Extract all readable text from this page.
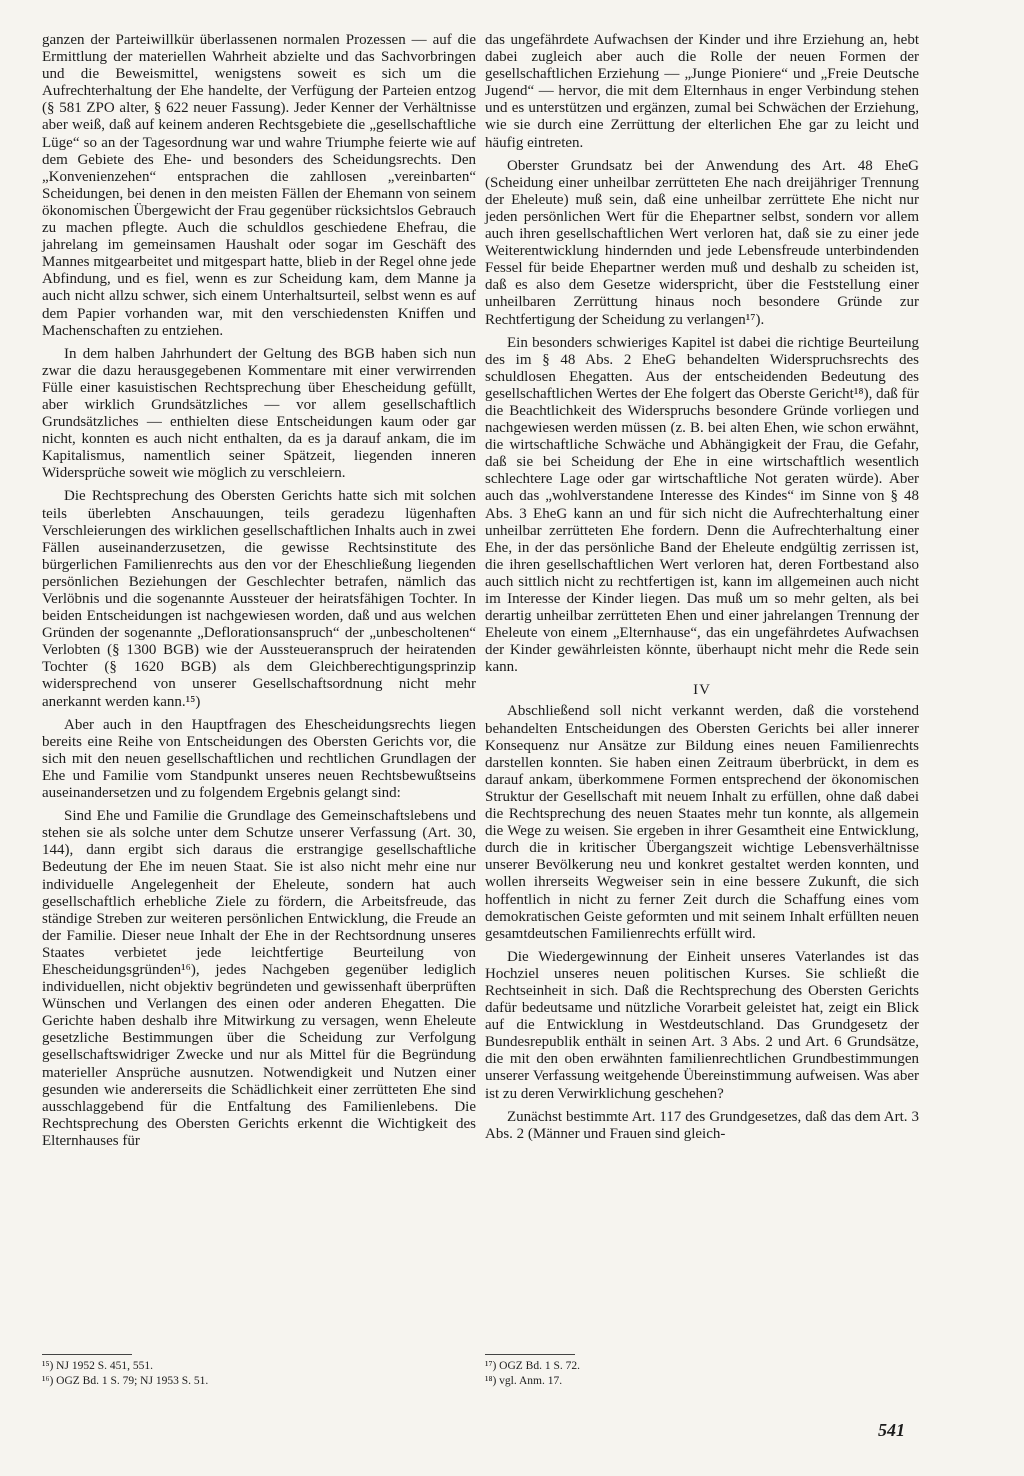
ganzen der Parteiwillkür überlassenen normalen Prozessen — auf die Ermittlung der materiellen Wahrheit abzielte und das Sachvorbringen und die Beweismittel, wenigstens soweit es sich um die Aufrechterhaltung der Ehe handelte, der Verfügung der Parteien entzog (§ 581 ZPO alter, § 622 neuer Fassung). Jeder Kenner der Verhältnisse aber weiß, daß auf keinem anderen Rechtsgebiete die „gesellschaftliche Lüge“ so an der Tagesordnung war und wahre Triumphe feierte wie auf dem Gebiete des Ehe- und besonders des Scheidungsrechts. Den „Konvenienzehen“ entsprachen die zahllosen „vereinbarten“ Scheidungen, bei denen in den meisten Fällen der Ehemann von seinem ökonomischen Übergewicht der Frau gegenüber rücksichtslos Gebrauch zu machen pflegte. Auch die schuldlos geschiedene Ehefrau, die jahrelang im gemeinsamen Haushalt oder sogar im Geschäft des Mannes mitgearbeitet und mitgespart hatte, blieb in der Regel ohne jede Abfindung, und es fiel, wenn es zur Scheidung kam, dem Manne ja auch nicht allzu schwer, sich einem Unterhaltsurteil, selbst wenn es auf dem Papier vorhanden war, mit den verschiedensten Kniffen und Machenschaften zu entziehen.

In dem halben Jahrhundert der Geltung des BGB haben sich nun zwar die dazu herausgegebenen Kommentare mit einer verwirrenden Fülle einer kasuistischen Rechtsprechung über Ehescheidung gefüllt, aber wirklich Grundsätzliches — vor allem gesellschaftlich Grundsätzliches — enthielten diese Entscheidungen kaum oder gar nicht, konnten es auch nicht enthalten, da es ja darauf ankam, die im Kapitalismus, namentlich seiner Spätzeit, liegenden inneren Widersprüche soweit wie möglich zu verschleiern.

Die Rechtsprechung des Obersten Gerichts hatte sich mit solchen teils überlebten Anschauungen, teils geradezu lügenhaften Verschleierungen des wirklichen gesellschaftlichen Inhalts auch in zwei Fällen auseinanderzusetzen, die gewisse Rechtsinstitute des bürgerlichen Familienrechts aus den vor der Eheschließung liegenden persönlichen Beziehungen der Geschlechter betrafen, nämlich das Verlöbnis und die sogenannte Aussteuer der heiratsfähigen Tochter. In beiden Entscheidungen ist nachgewiesen worden, daß und aus welchen Gründen der sogenannte „Deflorationsanspruch“ der „unbescholtenen“ Verlobten (§ 1300 BGB) wie der Aussteueranspruch der heiratenden Tochter (§ 1620 BGB) als dem Gleichberechtigungsprinzip widersprechend von unserer Gesellschaftsordnung nicht mehr anerkannt werden kann.¹⁵)

Aber auch in den Hauptfragen des Ehescheidungsrechts liegen bereits eine Reihe von Entscheidungen des Obersten Gerichts vor, die sich mit den neuen gesellschaftlichen und rechtlichen Grundlagen der Ehe und Familie vom Standpunkt unseres neuen Rechtsbewußtseins auseinandersetzen und zu folgendem Ergebnis gelangt sind:

Sind Ehe und Familie die Grundlage des Gemeinschaftslebens und stehen sie als solche unter dem Schutze unserer Verfassung (Art. 30, 144), dann ergibt sich daraus die erstrangige gesellschaftliche Bedeutung der Ehe im neuen Staat. Sie ist also nicht mehr eine nur individuelle Angelegenheit der Eheleute, sondern hat auch gesellschaftlich erhebliche Ziele zu fördern, die Arbeitsfreude, das ständige Streben zur weiteren persönlichen Entwicklung, die Freude an der Familie. Dieser neue Inhalt der Ehe in der Rechtsordnung unseres Staates verbietet jede leichtfertige Beurteilung von Ehescheidungsgründen¹⁶), jedes Nachgeben gegenüber lediglich individuellen, nicht objektiv begründeten und gewissenhaft überprüften Wünschen und Verlangen des einen oder anderen Ehegatten. Die Gerichte haben deshalb ihre Mitwirkung zu versagen, wenn Eheleute gesetzliche Bestimmungen über die Scheidung zur Verfolgung gesellschaftswidriger Zwecke und nur als Mittel für die Begründung materieller Ansprüche ausnutzen. Notwendigkeit und Nutzen einer gesunden wie andererseits die Schädlichkeit einer zerrütteten Ehe sind ausschlaggebend für die Entfaltung des Familienlebens. Die Rechtsprechung des Obersten Gerichts erkennt die Wichtigkeit des Elternhauses für

das ungefährdete Aufwachsen der Kinder und ihre Erziehung an, hebt dabei zugleich aber auch die Rolle der neuen Formen der gesellschaftlichen Erziehung — „Junge Pioniere“ und „Freie Deutsche Jugend“ — hervor, die mit dem Elternhaus in enger Verbindung stehen und es unterstützen und ergänzen, zumal bei Schwächen der Erziehung, wie sie durch eine Zerrüttung der elterlichen Ehe gar zu leicht und häufig eintreten.

Oberster Grundsatz bei der Anwendung des Art. 48 EheG (Scheidung einer unheilbar zerrütteten Ehe nach dreijähriger Trennung der Eheleute) muß sein, daß eine unheilbar zerrüttete Ehe nicht nur jeden persönlichen Wert für die Ehepartner selbst, sondern vor allem auch ihren gesellschaftlichen Wert verloren hat, daß sie zu einer jede Weiterentwicklung hindernden und jede Lebensfreude unterbindenden Fessel für beide Ehepartner werden muß und deshalb zu scheiden ist, daß es also dem Gesetze widerspricht, über die Feststellung einer unheilbaren Zerrüttung hinaus noch besondere Gründe zur Rechtfertigung der Scheidung zu verlangen¹⁷).

Ein besonders schwieriges Kapitel ist dabei die richtige Beurteilung des im § 48 Abs. 2 EheG behandelten Widerspruchsrechts des schuldlosen Ehegatten. Aus der entscheidenden Bedeutung des gesellschaftlichen Wertes der Ehe folgert das Oberste Gericht¹⁸), daß für die Beachtlichkeit des Widerspruchs besondere Gründe vorliegen und nachgewiesen werden müssen (z. B. bei alten Ehen, wie schon erwähnt, die wirtschaftliche Schwäche und Abhängigkeit der Frau, die Gefahr, daß sie bei Scheidung der Ehe in eine wirtschaftlich wesentlich schlechtere Lage oder gar wirtschaftliche Not geraten würde). Aber auch das „wohlverstandene Interesse des Kindes“ im Sinne von § 48 Abs. 3 EheG kann an und für sich nicht die Aufrechterhaltung einer unheilbar zerrütteten Ehe fordern. Denn die Aufrechterhaltung einer Ehe, in der das persönliche Band der Eheleute endgültig zerrissen ist, die ihren gesellschaftlichen Wert verloren hat, deren Fortbestand also auch sittlich nicht zu rechtfertigen ist, kann im allgemeinen auch nicht im Interesse der Kinder liegen. Das muß um so mehr gelten, als bei derartig unheilbar zerrütteten Ehen und einer jahrelangen Trennung der Eheleute von einem „Elternhause“, das ein ungefährdetes Aufwachsen der Kinder gewährleisten könnte, überhaupt nicht mehr die Rede sein kann.

IV

Abschließend soll nicht verkannt werden, daß die vorstehend behandelten Entscheidungen des Obersten Gerichts bei aller innerer Konsequenz nur Ansätze zur Bildung eines neuen Familienrechts darstellen konnten. Sie haben einen Zeitraum überbrückt, in dem es darauf ankam, überkommene Formen entsprechend der ökonomischen Struktur der Gesellschaft mit neuem Inhalt zu erfüllen, ohne daß dabei die Rechtsprechung des neuen Staates mehr tun konnte, als allgemein die Wege zu weisen. Sie ergeben in ihrer Gesamtheit eine Entwicklung, durch die in kritischer Übergangszeit wichtige Lebensverhältnisse unserer Bevölkerung neu und konkret gestaltet werden konnten, und wollen ihrerseits Wegweiser sein in eine bessere Zukunft, die sich hoffentlich in nicht zu ferner Zeit durch die Schaffung eines vom demokratischen Geiste geformten und mit seinem Inhalt erfüllten neuen gesamtdeutschen Familienrechts erfüllt wird.

Die Wiedergewinnung der Einheit unseres Vaterlandes ist das Hochziel unseres neuen politischen Kurses. Sie schließt die Rechtseinheit in sich. Daß die Rechtsprechung des Obersten Gerichts dafür bedeutsame und nützliche Vorarbeit geleistet hat, zeigt ein Blick auf die Entwicklung in Westdeutschland. Das Grundgesetz der Bundesrepublik enthält in seinen Art. 3 Abs. 2 und Art. 6 Grundsätze, die mit den oben erwähnten familienrechtlichen Grundbestimmungen unserer Verfassung weitgehende Übereinstimmung aufweisen. Was aber ist zu deren Verwirklichung geschehen?

Zunächst bestimmte Art. 117 des Grundgesetzes, daß das dem Art. 3 Abs. 2 (Männer und Frauen sind gleich-

¹⁵) NJ 1952 S. 451, 551.
¹⁶) OGZ Bd. 1 S. 79; NJ 1953 S. 51.
¹⁷) OGZ Bd. 1 S. 72.
¹⁸) vgl. Anm. 17.
541
